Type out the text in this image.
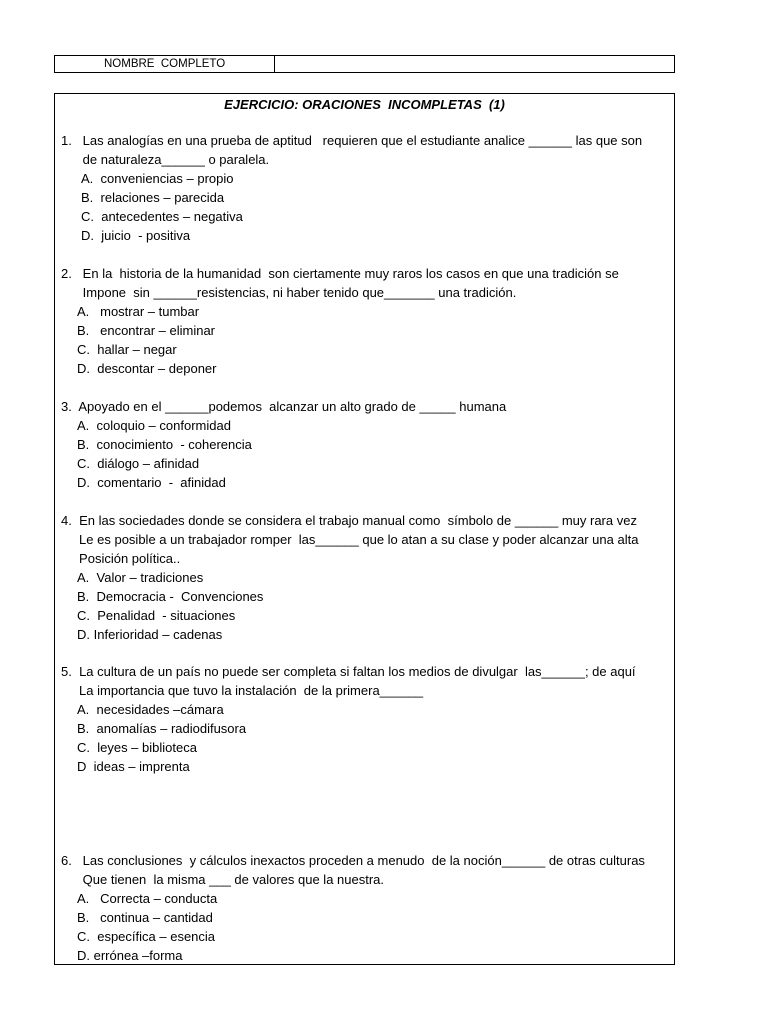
NOMBRE  COMPLETO
EJERCICIO: ORACIONES  INCOMPLETAS  (1)
1.   Las analogías en una prueba de aptitud   requieren que el estudiante analice ______ las que son
de naturaleza______ o paralela.
A.  conveniencias – propio
B.  relaciones – parecida
C.  antecedentes – negativa
D.  juicio  - positiva
2.   En la  historia de la humanidad  son ciertamente muy raros los casos en que una tradición se
Impone  sin ______resistencias, ni haber tenido que_______ una tradición.
A.   mostrar – tumbar
B.   encontrar – eliminar
C.  hallar – negar
D.  descontar – deponer
3.  Apoyado en el ______podemos  alcanzar un alto grado de _____ humana
A.  coloquio – conformidad
B.  conocimiento  - coherencia
C.  diálogo – afinidad
D.  comentario  -  afinidad
4.  En las sociedades donde se considera el trabajo manual como  símbolo de ______ muy rara vez
Le es posible a un trabajador romper  las______ que lo atan a su clase y poder alcanzar una alta
Posición política..
A.  Valor – tradiciones
B.  Democracia -  Convenciones
C.  Penalidad  - situaciones
D. Inferioridad – cadenas
5.  La cultura de un país no puede ser completa si faltan los medios de divulgar  las______; de aquí
La importancia que tuvo la instalación  de la primera______
A.  necesidades –cámara
B.  anomalías – radiodifusora
C.  leyes – biblioteca
D  ideas – imprenta
6.   Las conclusiones  y cálculos inexactos proceden a menudo  de la noción______ de otras culturas
Que tienen  la misma ___ de valores que la nuestra.
A.   Correcta – conducta
B.   continua – cantidad
C.  específica – esencia
D. errónea –forma
